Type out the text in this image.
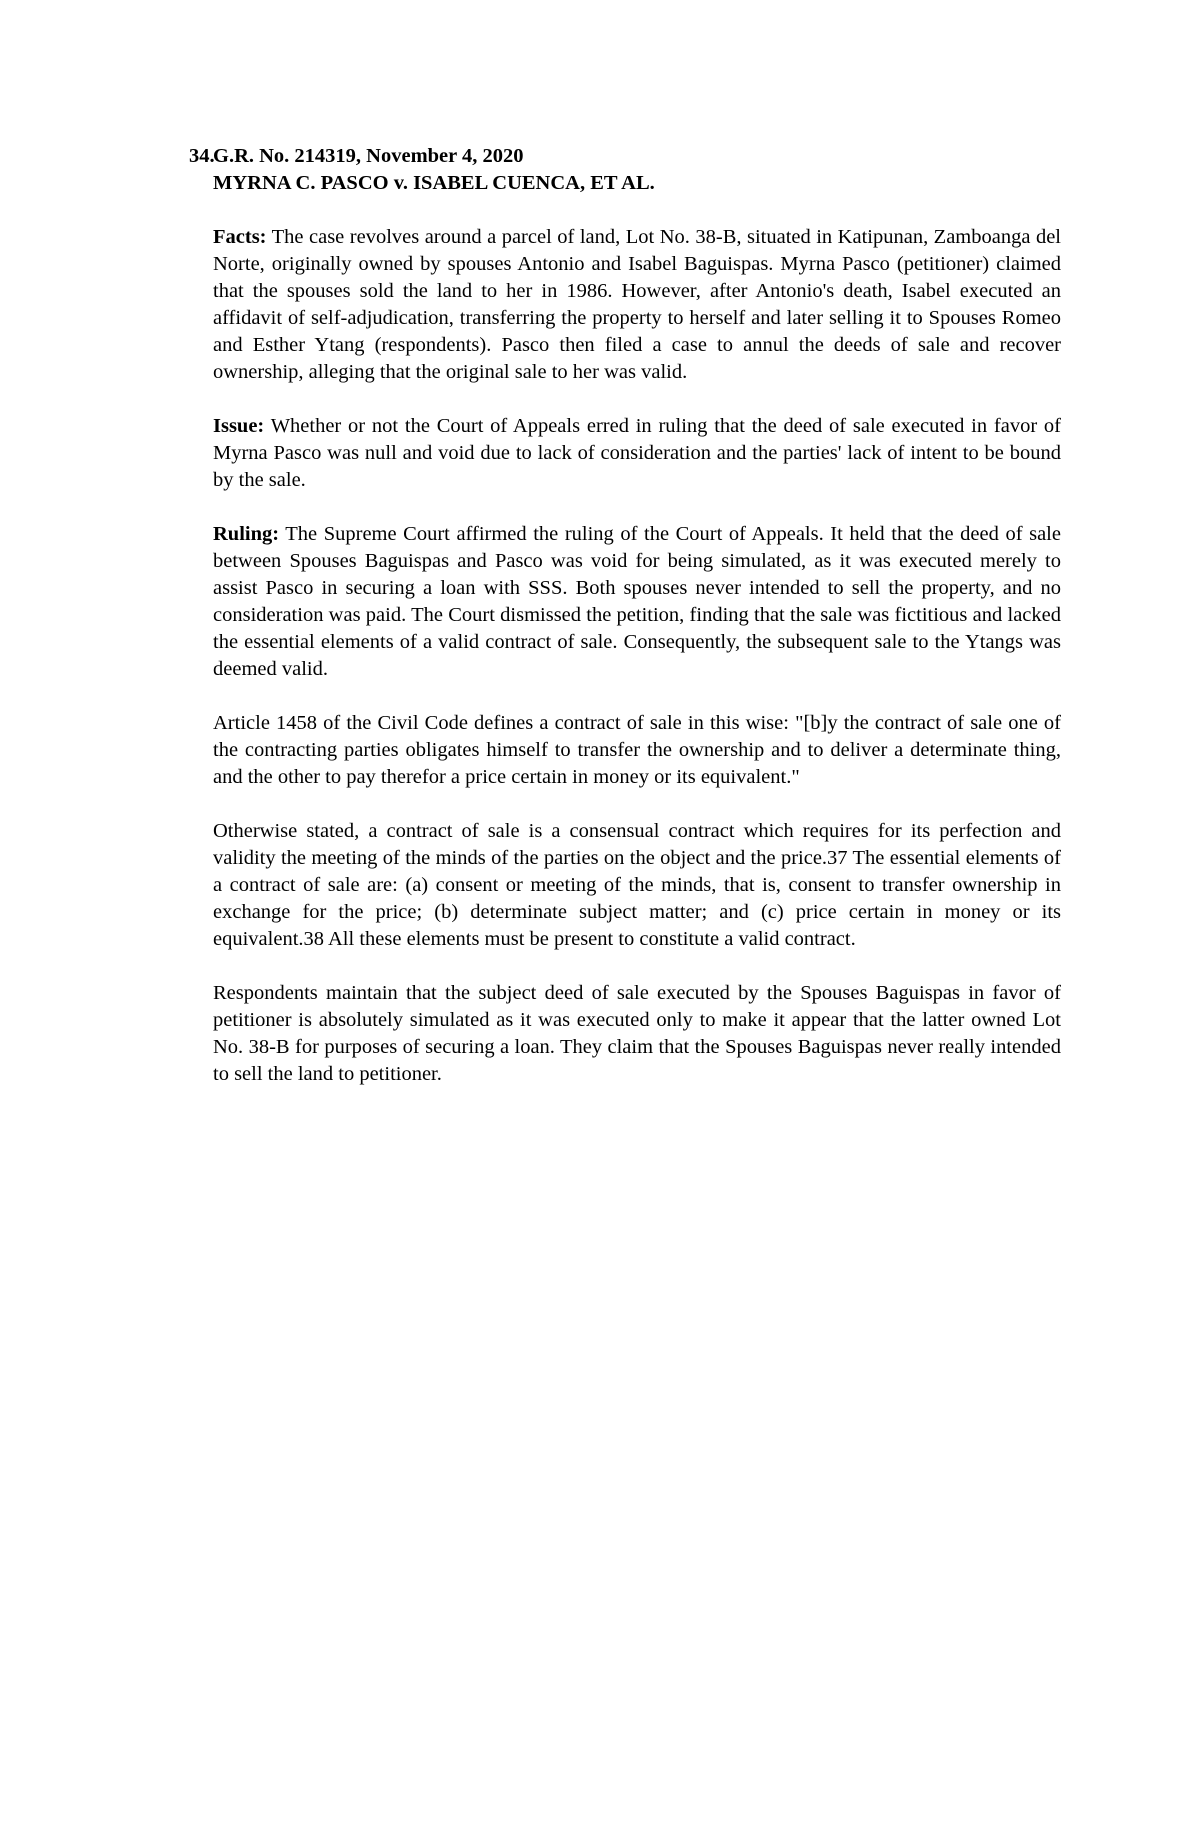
34.
G.R. No. 214319, November 4, 2020
MYRNA C. PASCO v. ISABEL CUENCA, ET AL.

Facts: The case revolves around a parcel of land, Lot No. 38-B, situated in Katipunan, Zamboanga del Norte, originally owned by spouses Antonio and Isabel Baguispas. Myrna Pasco (petitioner) claimed that the spouses sold the land to her in 1986. However, after Antonio's death, Isabel executed an affidavit of self-adjudication, transferring the property to herself and later selling it to Spouses Romeo and Esther Ytang (respondents). Pasco then filed a case to annul the deeds of sale and recover ownership, alleging that the original sale to her was valid.

Issue: Whether or not the Court of Appeals erred in ruling that the deed of sale executed in favor of Myrna Pasco was null and void due to lack of consideration and the parties' lack of intent to be bound by the sale.

Ruling: The Supreme Court affirmed the ruling of the Court of Appeals. It held that the deed of sale between Spouses Baguispas and Pasco was void for being simulated, as it was executed merely to assist Pasco in securing a loan with SSS. Both spouses never intended to sell the property, and no consideration was paid. The Court dismissed the petition, finding that the sale was fictitious and lacked the essential elements of a valid contract of sale. Consequently, the subsequent sale to the Ytangs was deemed valid.

Article 1458 of the Civil Code defines a contract of sale in this wise: "[b]y the contract of sale one of the contracting parties obligates himself to transfer the ownership and to deliver a determinate thing, and the other to pay therefor a price certain in money or its equivalent."

Otherwise stated, a contract of sale is a consensual contract which requires for its perfection and validity the meeting of the minds of the parties on the object and the price.37 The essential elements of a contract of sale are: (a) consent or meeting of the minds, that is, consent to transfer ownership in exchange for the price; (b) determinate subject matter; and (c) price certain in money or its equivalent.38 All these elements must be present to constitute a valid contract.

Respondents maintain that the subject deed of sale executed by the Spouses Baguispas in favor of petitioner is absolutely simulated as it was executed only to make it appear that the latter owned Lot No. 38-B for purposes of securing a loan. They claim that the Spouses Baguispas never really intended to sell the land to petitioner.
